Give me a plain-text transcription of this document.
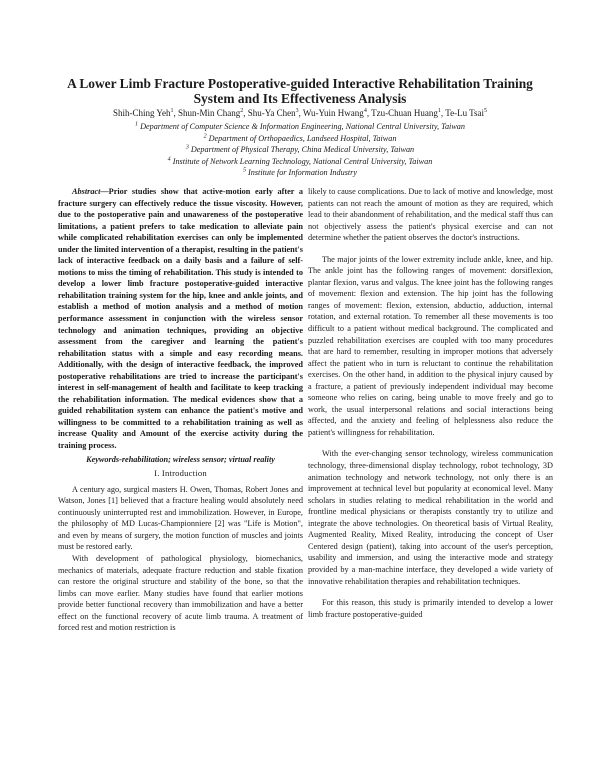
A Lower Limb Fracture Postoperative-guided Interactive Rehabilitation Training
System and Its Effectiveness Analysis
Shih-Ching Yeh$^1$, Shun-Min Chang$^2$, Shu-Ya Chen$^3$, Wu-Yuin Hwang$^4$, Tzu-Chuan Huang$^1$, Te-Lu Tsai$^5$
$^1$ Department of Computer Science & Information Engineering, National Central University, Taiwan
$^2$ Department of Orthopaedics, Landseed Hospital, Taiwan
$^3$ Department of Physical Therapy, China Medical University, Taiwan
$^4$ Institute of Network Learning Technology, National Central University, Taiwan
$^5$ Institute for Information Industry

Abstract—Prior studies show that active-motion early after a fracture surgery can effectively reduce the tissue viscosity. However, due to the postoperative pain and unawareness of the postoperative limitations, a patient prefers to take medication to alleviate pain while complicated rehabilitation exercises can only be implemented under the limited intervention of a therapist, resulting in the patient's lack of interactive feedback on a daily basis and a failure of self-motions to miss the timing of rehabilitation. This study is intended to develop a lower limb fracture postoperative-guided interactive rehabilitation training system for the hip, knee and ankle joints, and establish a method of motion analysis and a method of motion performance assessment in conjunction with the wireless sensor technology and animation techniques, providing an objective assessment from the caregiver and learning the patient's rehabilitation status with a simple and easy recording means. Additionally, with the design of interactive feedback, the improved postoperative rehabilitations are tried to increase the participant's interest in self-management of health and facilitate to keep tracking the rehabilitation information. The medical evidences show that a guided rehabilitation system can enhance the patient's motive and willingness to be committed to a rehabilitation training as well as increase Quality and Amount of the exercise activity during the training process.

Keywords-rehabilitation; wireless sensor; virtual reality

I. Introduction

A century ago, surgical masters H. Owen, Thomas, Robert Jones and Watson, Jones [1] believed that a fracture healing would absolutely need continuously uninterrupted rest and immobilization. However, in Europe, the philosophy of MD Lucas-Championniere [2] was "Life is Motion", and even by means of surgery, the motion function of muscles and joints must be restored early.

With development of pathological physiology, biomechanics, mechanics of materials, adequate fracture reduction and stable fixation can restore the original structure and stability of the bone, so that the limbs can move earlier. Many studies have found that earlier motions provide better functional recovery than immobilization and have a better effect on the functional recovery of acute limb trauma. A treatment of forced rest and motion restriction is

likely to cause complications. Due to lack of motive and knowledge, most patients can not reach the amount of motion as they are required, which lead to their abandonment of rehabilitation, and the medical staff thus can not objectively assess the patient's physical exercise and can not determine whether the patient observes the doctor's instructions.

The major joints of the lower extremity include ankle, knee, and hip. The ankle joint has the following ranges of movement: dorsiflexion, plantar flexion, varus and valgus. The knee joint has the following ranges of movement: flexion and extension. The hip joint has the following ranges of movement: flexion, extension, abductio, adduction, internal rotation, and external rotation. To remember all these movements is too difficult to a patient without medical background. The complicated and puzzled rehabilitation exercises are coupled with too many procedures that are hard to remember, resulting in improper motions that adversely affect the patient who in turn is reluctant to continue the rehabilitation exercises. On the other hand, in addition to the physical injury caused by a fracture, a patient of previously independent individual may become someone who relies on caring, being unable to move freely and go to work, the usual interpersonal relations and social interactions being affected, and the anxiety and feeling of helplessness also reduce the patient's willingness for rehabilitation.

With the ever-changing sensor technology, wireless communication technology, three-dimensional display technology, robot technology, 3D animation technology and network technology, not only there is an improvement at technical level but popularity at economical level. Many scholars in studies relating to medical rehabilitation in the world and frontline medical physicians or therapists constantly try to utilize and integrate the above technologies. On theoretical basis of Virtual Reality, Augmented Reality, Mixed Reality, introducing the concept of User Centered design (patient), taking into account of the user's perception, usability and immersion, and using the interactive mode and strategy provided by a man-machine interface, they developed a wide variety of innovative rehabilitation therapies and rehabilitation techniques.

For this reason, this study is primarily intended to develop a lower limb fracture postoperative-guided
